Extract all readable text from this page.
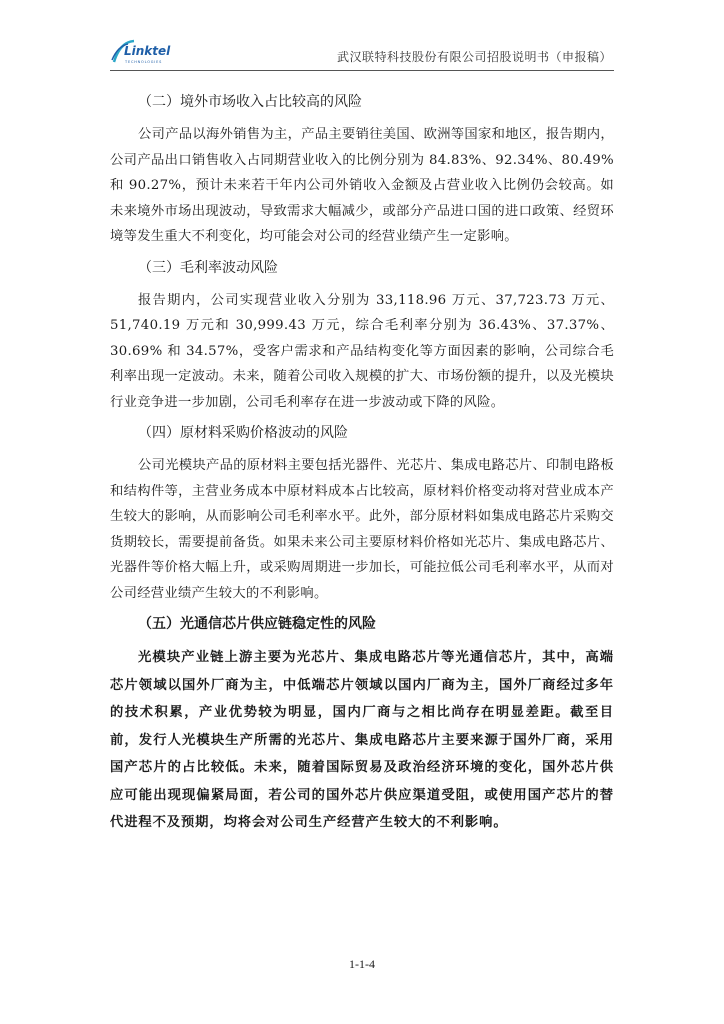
Linktel
TECHNOLOGIES	武汉联特科技股份有限公司招股说明书（申报稿）
（二）境外市场收入占比较高的风险

公司产品以海外销售为主，产品主要销往美国、欧洲等国家和地区，报告期内，公司产品出口销售收入占同期营业收入的比例分别为 84.83%、92.34%、80.49% 和 90.27%，预计未来若干年内公司外销收入金额及占营业收入比例仍会较高。如未来境外市场出现波动，导致需求大幅减少，或部分产品进口国的进口政策、经贸环境等发生重大不利变化，均可能会对公司的经营业绩产生一定影响。

（三）毛利率波动风险

报告期内，公司实现营业收入分别为 33,118.96 万元、37,723.73 万元、51,740.19 万元和 30,999.43 万元，综合毛利率分别为 36.43%、37.37%、30.69% 和 34.57%，受客户需求和产品结构变化等方面因素的影响，公司综合毛利率出现一定波动。未来，随着公司收入规模的扩大、市场份额的提升，以及光模块行业竞争进一步加剧，公司毛利率存在进一步波动或下降的风险。

（四）原材料采购价格波动的风险

公司光模块产品的原材料主要包括光器件、光芯片、集成电路芯片、印制电路板和结构件等，主营业务成本中原材料成本占比较高，原材料价格变动将对营业成本产生较大的影响，从而影响公司毛利率水平。此外，部分原材料如集成电路芯片采购交货期较长，需要提前备货。如果未来公司主要原材料价格如光芯片、集成电路芯片、光器件等价格大幅上升，或采购周期进一步加长，可能拉低公司毛利率水平，从而对公司经营业绩产生较大的不利影响。

（五）光通信芯片供应链稳定性的风险

光模块产业链上游主要为光芯片、集成电路芯片等光通信芯片，其中，高端芯片领域以国外厂商为主，中低端芯片领域以国内厂商为主，国外厂商经过多年的技术积累，产业优势较为明显，国内厂商与之相比尚存在明显差距。截至目前，发行人光模块生产所需的光芯片、集成电路芯片主要来源于国外厂商，采用国产芯片的占比较低。未来，随着国际贸易及政治经济环境的变化，国外芯片供应可能出现现偏紧局面，若公司的国外芯片供应渠道受阻，或使用国产芯片的替代进程不及预期，均将会对公司生产经营产生较大的不利影响。

1-1-4
